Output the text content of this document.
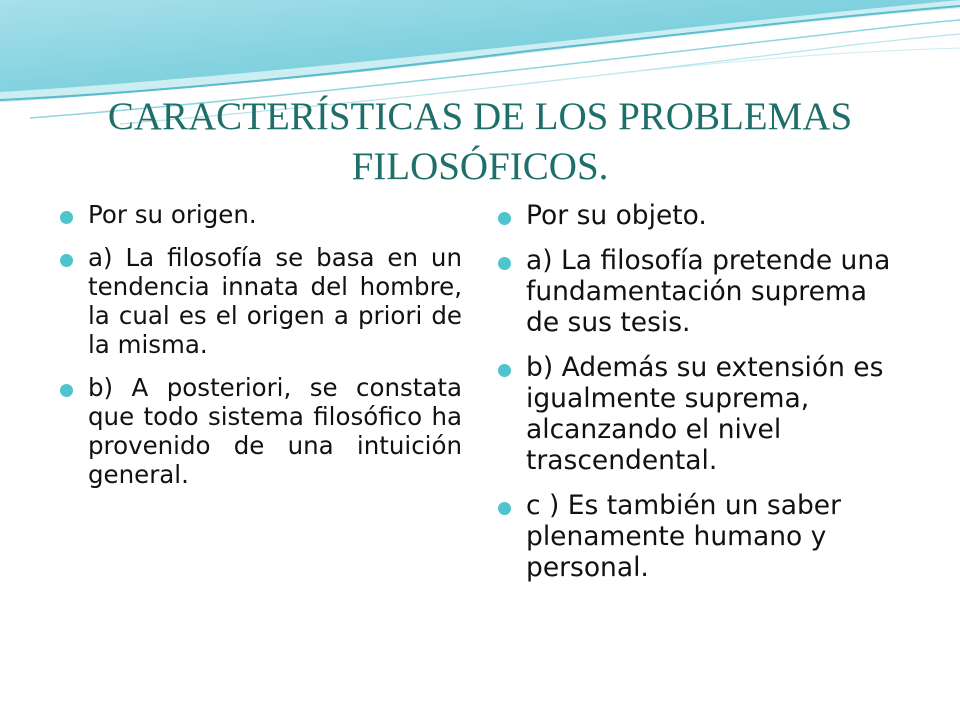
CARACTERÍSTICAS DE LOS PROBLEMAS FILOSÓFICOS.
Por su origen.
a) La filosofía se basa en un tendencia innata del hombre, la cual es el origen a priori de la misma.
b) A posteriori, se constata que todo sistema filosófico ha provenido de una intuición general.
Por su objeto.
a) La filosofía pretende una fundamentación suprema de sus tesis.
b) Además su extensión es igualmente suprema, alcanzando el nivel trascendental.
c ) Es también un saber plenamente humano y personal.
